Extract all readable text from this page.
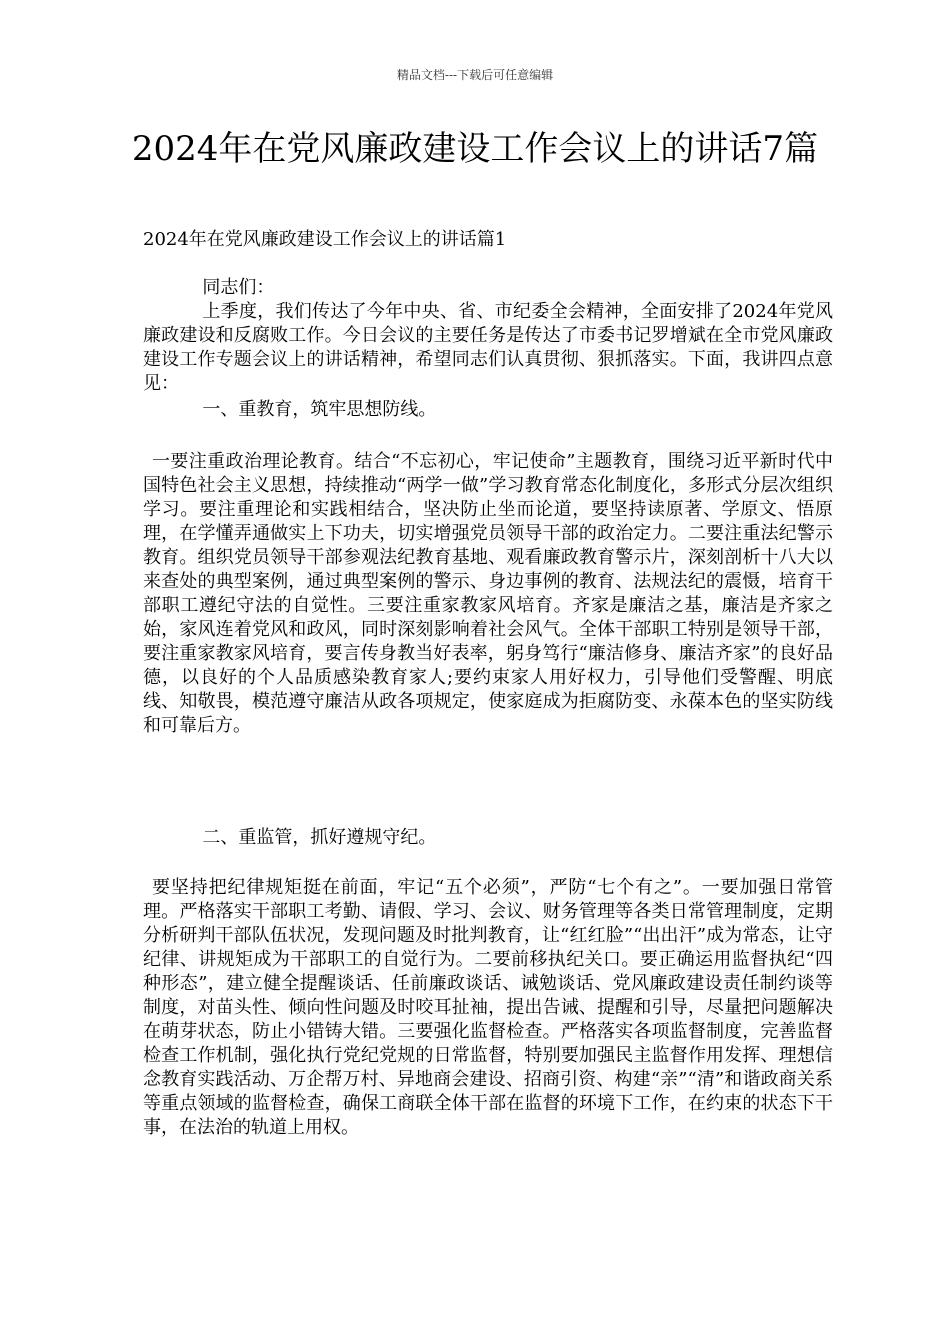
精品文档---下载后可任意编辑
2024年在党风廉政建设工作会议上的讲话7篇
2024年在党风廉政建设工作会议上的讲话篇1

同志们：

上季度，我们传达了今年中央、省、市纪委全会精神，全面安排了2024年党风廉政建设和反腐败工作。今日会议的主要任务是传达了市委书记罗增斌在全市党风廉政建设工作专题会议上的讲话精神，希望同志们认真贯彻、狠抓落实。下面，我讲四点意见：

一、重教育，筑牢思想防线。

一要注重政治理论教育。结合“不忘初心，牢记使命”主题教育，围绕习近平新时代中国特色社会主义思想，持续推动“两学一做”学习教育常态化制度化，多形式分层次组织学习。要注重理论和实践相结合，坚决防止坐而论道，要坚持读原著、学原文、悟原理，在学懂弄通做实上下功夫，切实增强党员领导干部的政治定力。二要注重法纪警示教育。组织党员领导干部参观法纪教育基地、观看廉政教育警示片，深刻剖析十八大以来查处的典型案例，通过典型案例的警示、身边事例的教育、法规法纪的震慑，培育干部职工遵纪守法的自觉性。三要注重家教家风培育。齐家是廉洁之基，廉洁是齐家之始，家风连着党风和政风，同时深刻影响着社会风气。全体干部职工特别是领导干部，要注重家教家风培育，要言传身教当好表率，躬身笃行“廉洁修身、廉洁齐家”的良好品德，以良好的个人品质感染教育家人;要约束家人用好权力，引导他们受警醒、明底线、知敬畏，模范遵守廉洁从政各项规定，使家庭成为拒腐防变、永葆本色的坚实防线和可靠后方。

二、重监管，抓好遵规守纪。

要坚持把纪律规矩挺在前面，牢记“五个必须”，严防“七个有之”。一要加强日常管理。严格落实干部职工考勤、请假、学习、会议、财务管理等各类日常管理制度，定期分析研判干部队伍状况，发现问题及时批判教育，让“红红脸”“出出汗”成为常态，让守纪律、讲规矩成为干部职工的自觉行为。二要前移执纪关口。要正确运用监督执纪“四种形态”，建立健全提醒谈话、任前廉政谈话、诫勉谈话、党风廉政建设责任制约谈等制度，对苗头性、倾向性问题及时咬耳扯袖，提出告诫、提醒和引导，尽量把问题解决在萌芽状态，防止小错铸大错。三要强化监督检查。严格落实各项监督制度，完善监督检查工作机制，强化执行党纪党规的日常监督，特别要加强民主监督作用发挥、理想信念教育实践活动、万企帮万村、异地商会建设、招商引资、构建“亲”“清”和谐政商关系等重点领域的监督检查，确保工商联全体干部在监督的环境下工作，在约束的状态下干事，在法治的轨道上用权。
